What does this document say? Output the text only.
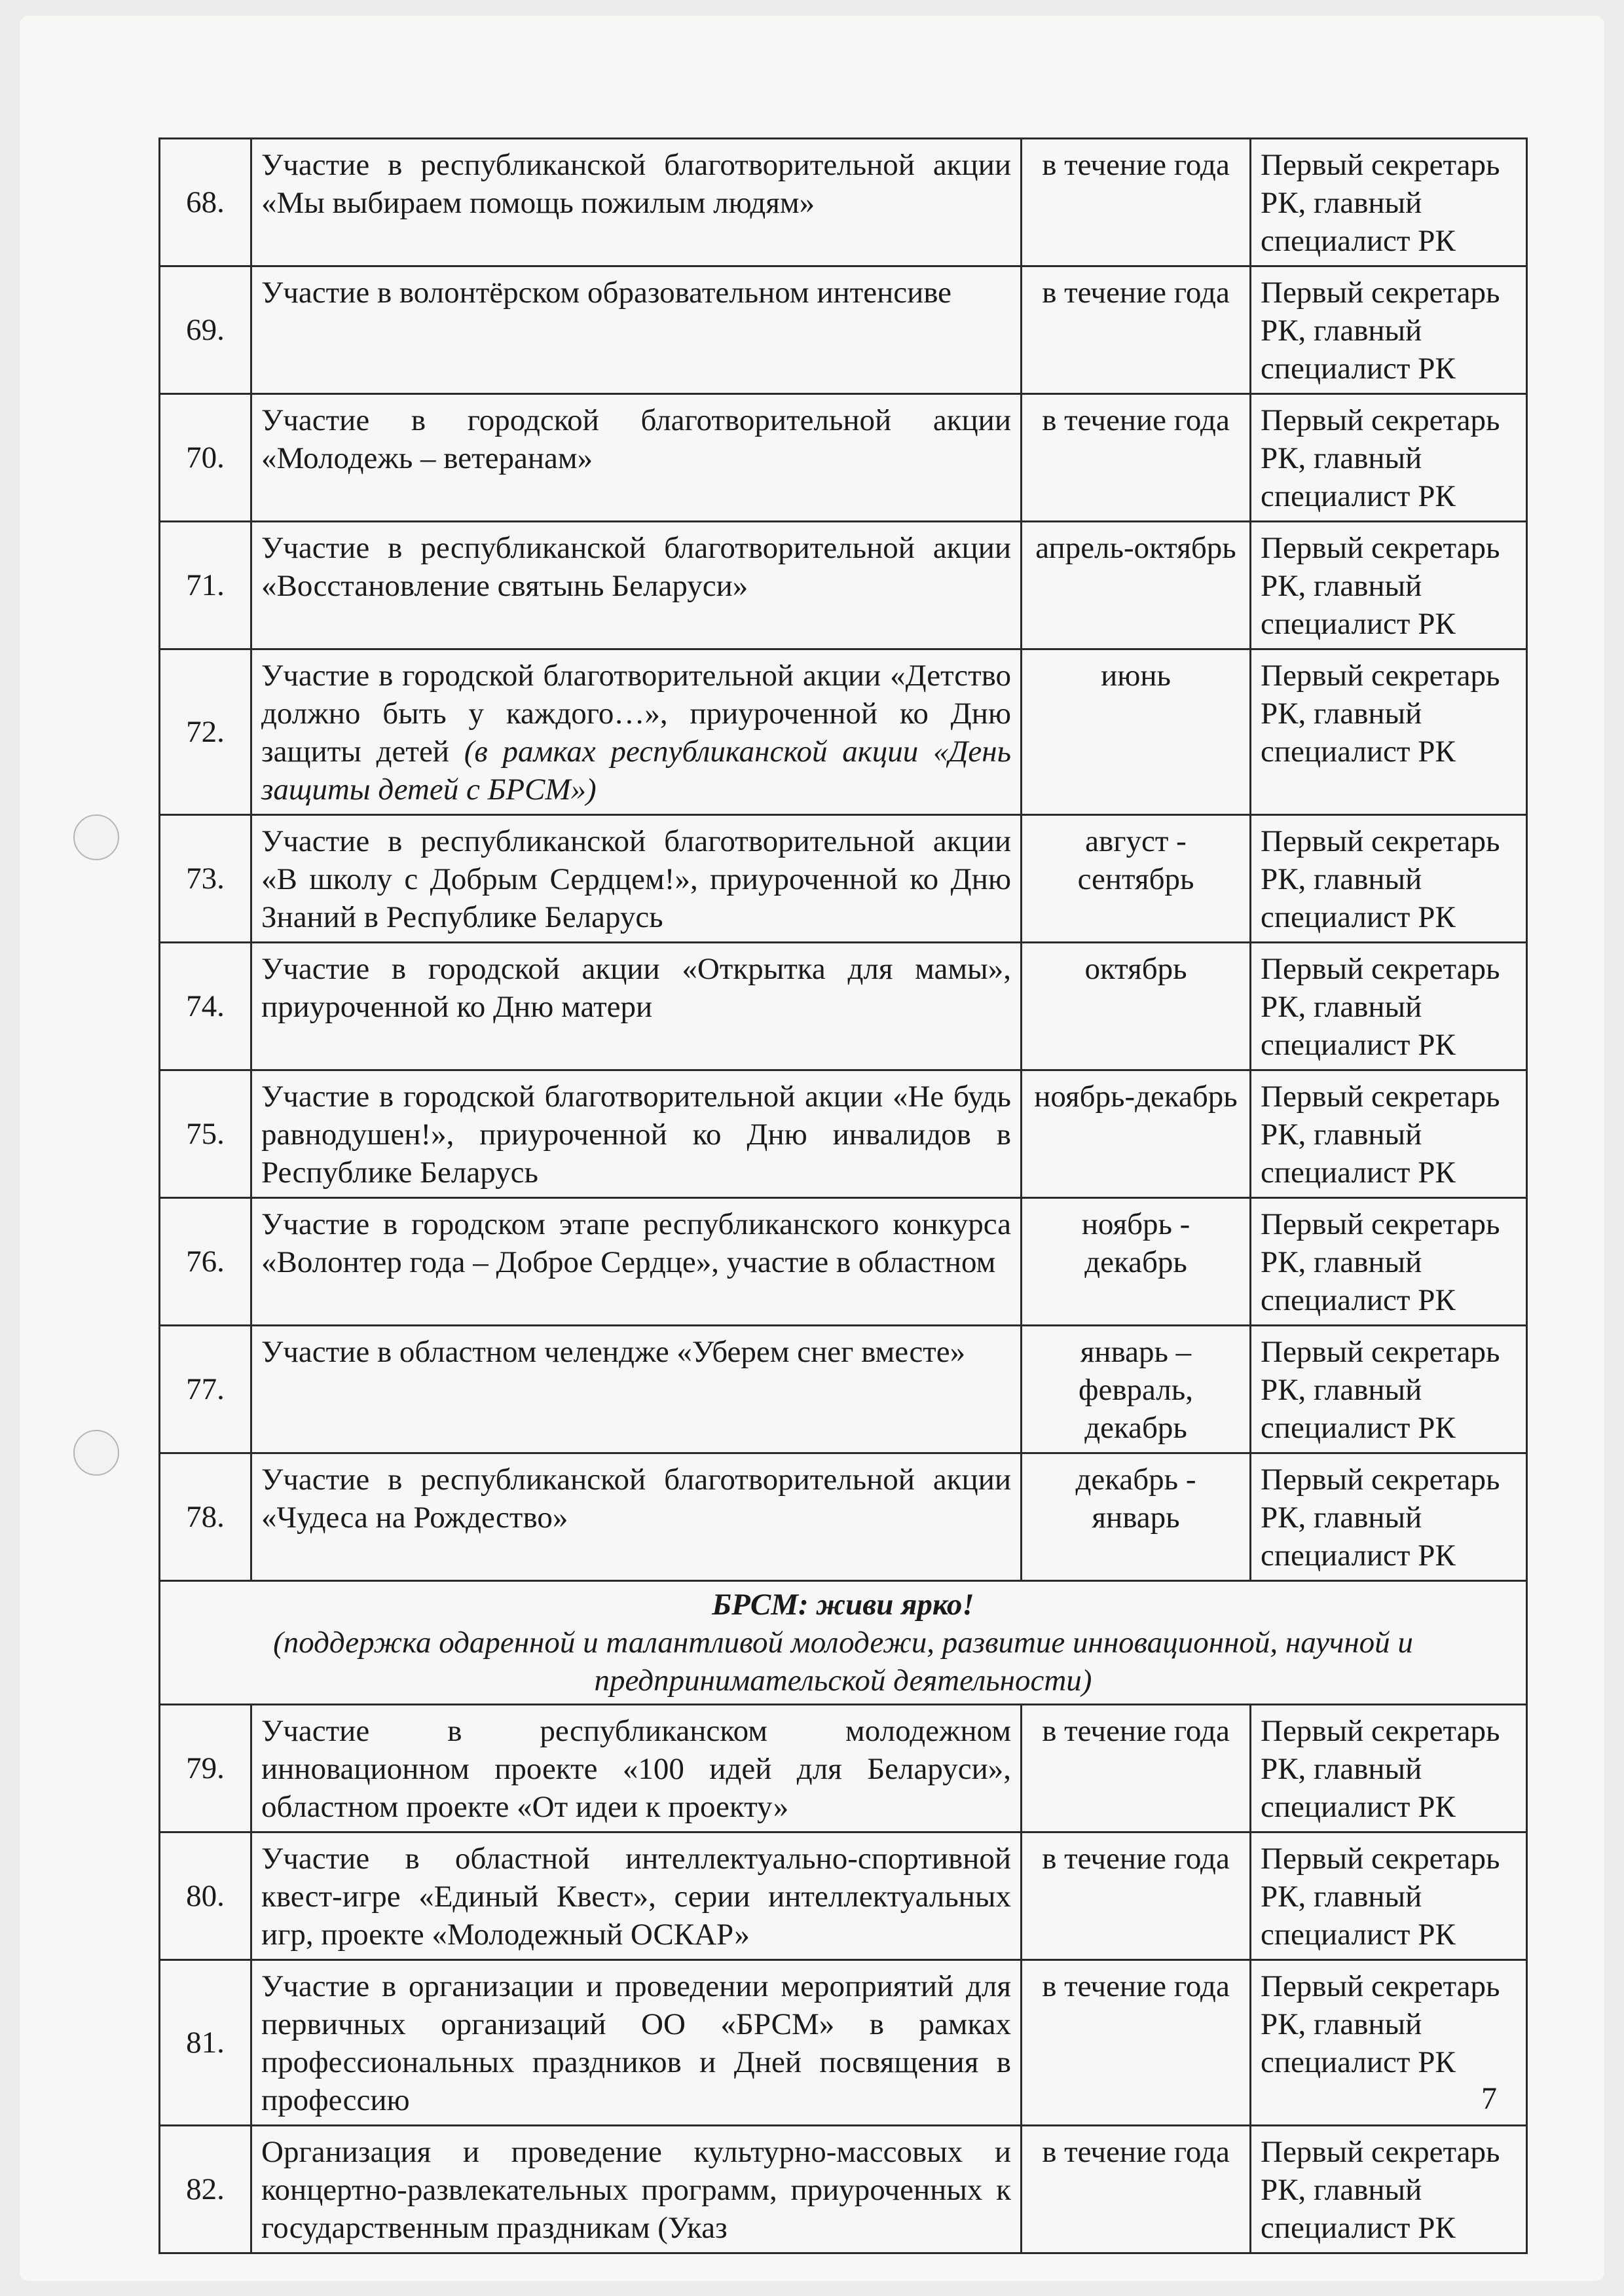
68.	Участие в республиканской благотворительной акции «Мы выбираем помощь пожилым людям»	в течение года	Первый секретарь РК, главный специалист РК
69.	Участие в волонтёрском образовательном интенсиве	в течение года	Первый секретарь РК, главный специалист РК
70.	Участие в городской благотворительной акции «Молодежь – ветеранам»	в течение года	Первый секретарь РК, главный специалист РК
71.	Участие в республиканской благотворительной акции «Восстановление святынь Беларуси»	апрель-октябрь	Первый секретарь РК, главный специалист РК
72.	Участие в городской благотворительной акции «Детство должно быть у каждого…», приуроченной ко Дню защиты детей (в рамках республиканской акции «День защиты детей с БРСМ»)	июнь	Первый секретарь РК, главный специалист РК
73.	Участие в республиканской благотворительной акции «В школу с Добрым Сердцем!», приуроченной ко Дню Знаний в Республике Беларусь	август - сентябрь	Первый секретарь РК, главный специалист РК
74.	Участие в городской акции «Открытка для мамы», приуроченной ко Дню матери	октябрь	Первый секретарь РК, главный специалист РК
75.	Участие в городской благотворительной акции «Не будь равнодушен!», приуроченной ко Дню инвалидов в Республике Беларусь	ноябрь-декабрь	Первый секретарь РК, главный специалист РК
76.	Участие в городском этапе республиканского конкурса «Волонтер года – Доброе Сердце», участие в областном	ноябрь - декабрь	Первый секретарь РК, главный специалист РК
77.	Участие в областном челендже «Уберем снег вместе»	январь – февраль, декабрь	Первый секретарь РК, главный специалист РК
78.	Участие в республиканской благотворительной акции «Чудеса на Рождество»	декабрь - январь	Первый секретарь РК, главный специалист РК

БРСМ: живи ярко!
(поддержка одаренной и талантливой молодежи, развитие инновационной, научной и предпринимательской деятельности)			
79.	Участие в республиканском молодежном инновационном проекте «100 идей для Беларуси», областном проекте «От идеи к проекту»	в течение года	Первый секретарь РК, главный специалист РК
80.	Участие в областной интеллектуально-спортивной квест-игре «Единый Квест», серии интеллектуальных игр, проекте «Молодежный ОСКАР»	в течение года	Первый секретарь РК, главный специалист РК
81.	Участие в организации и проведении мероприятий для первичных организаций ОО «БРСМ» в рамках профессиональных праздников и Дней посвящения в профессию	в течение года	Первый секретарь РК, главный специалист РК
82.	Организация и проведение культурно-массовых и концертно-развлекательных программ, приуроченных к государственным праздникам (Указ	в течение года	Первый секретарь РК, главный специалист РК
7
